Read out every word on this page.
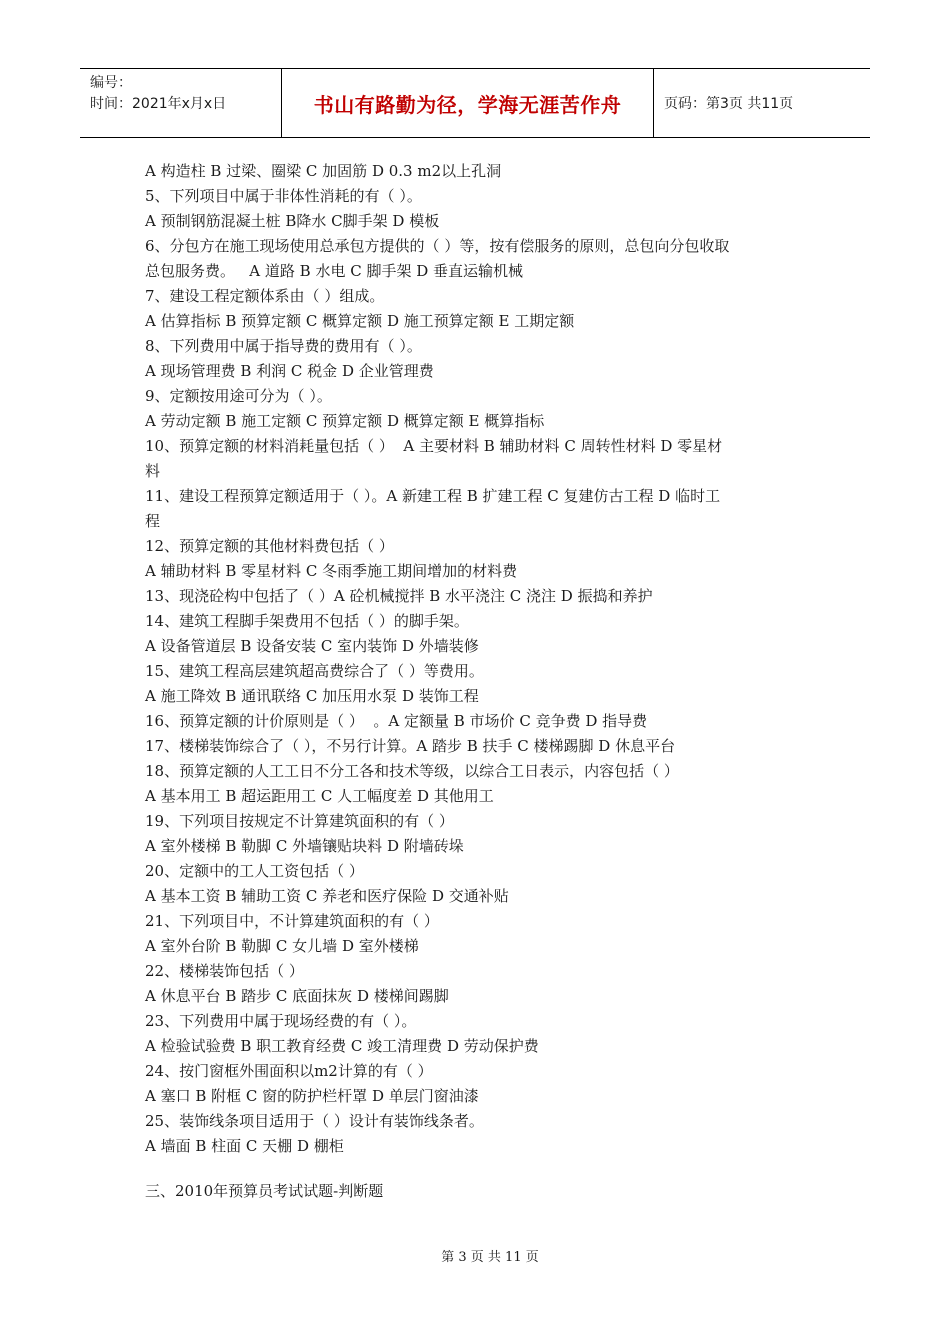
编号：
时间：2021年x月x日	书山有路勤为径，学海无涯苦作舟	页码：第3页 共11页
A 构造柱 B 过梁、圈梁 C 加固筋 D 0.3 m2以上孔洞
5、下列项目中属于非体性消耗的有（ ）。
A 预制钢筋混凝土桩 B降水 C脚手架 D 模板
6、分包方在施工现场使用总承包方提供的（ ）等，按有偿服务的原则，总包向分包收取
总包服务费。   A 道路 B 水电 C 脚手架 D 垂直运输机械
7、建设工程定额体系由（ ）组成。
A 估算指标 B 预算定额 C 概算定额 D 施工预算定额 E 工期定额
8、下列费用中属于指导费的费用有（ ）。
A 现场管理费 B 利润 C 税金 D 企业管理费
9、定额按用途可分为（ ）。
A 劳动定额 B 施工定额 C 预算定额 D 概算定额 E 概算指标
10、预算定额的材料消耗量包括（ ）  A 主要材料 B 辅助材料 C 周转性材料 D 零星材
料
11、建设工程预算定额适用于（ ）。A 新建工程 B 扩建工程 C 复建仿古工程 D 临时工
程
12、预算定额的其他材料费包括（ ）
A 辅助材料 B 零星材料 C 冬雨季施工期间增加的材料费
13、现浇砼构中包括了（ ）A 砼机械搅拌 B 水平浇注 C 浇注 D 振捣和养护
14、建筑工程脚手架费用不包括（ ）的脚手架。
A 设备管道层 B 设备安装 C 室内装饰 D 外墙装修
15、建筑工程高层建筑超高费综合了（ ）等费用。
A 施工降效 B 通讯联络 C 加压用水泵 D 装饰工程
16、预算定额的计价原则是（ ）  。A 定额量 B 市场价 C 竞争费 D 指导费
17、楼梯装饰综合了（ ），不另行计算。A 踏步 B 扶手 C 楼梯踢脚 D 休息平台
18、预算定额的人工工日不分工各和技术等级，以综合工日表示，内容包括（ ）
A 基本用工 B 超运距用工 C 人工幅度差 D 其他用工
19、下列项目按规定不计算建筑面积的有（ ）
A 室外楼梯 B 勒脚 C 外墙镶贴块料 D 附墙砖垛
20、定额中的工人工资包括（ ）
A 基本工资 B 辅助工资 C 养老和医疗保险 D 交通补贴
21、下列项目中，不计算建筑面积的有（ ）
A 室外台阶 B 勒脚 C 女儿墙 D 室外楼梯
22、楼梯装饰包括（ ）
A 休息平台 B 踏步 C 底面抹灰 D 楼梯间踢脚
23、下列费用中属于现场经费的有（ ）。
A 检验试验费 B 职工教育经费 C 竣工清理费 D 劳动保护费
24、按门窗框外围面积以m2计算的有（ ）
A 塞口 B 附框 C 窗的防护栏杆罩 D 单层门窗油漆
25、装饰线条项目适用于（ ）设计有装饰线条者。
A 墙面 B 柱面 C 天棚 D 棚柜
三、2010年预算员考试试题-判断题
第 3 页 共 11 页
